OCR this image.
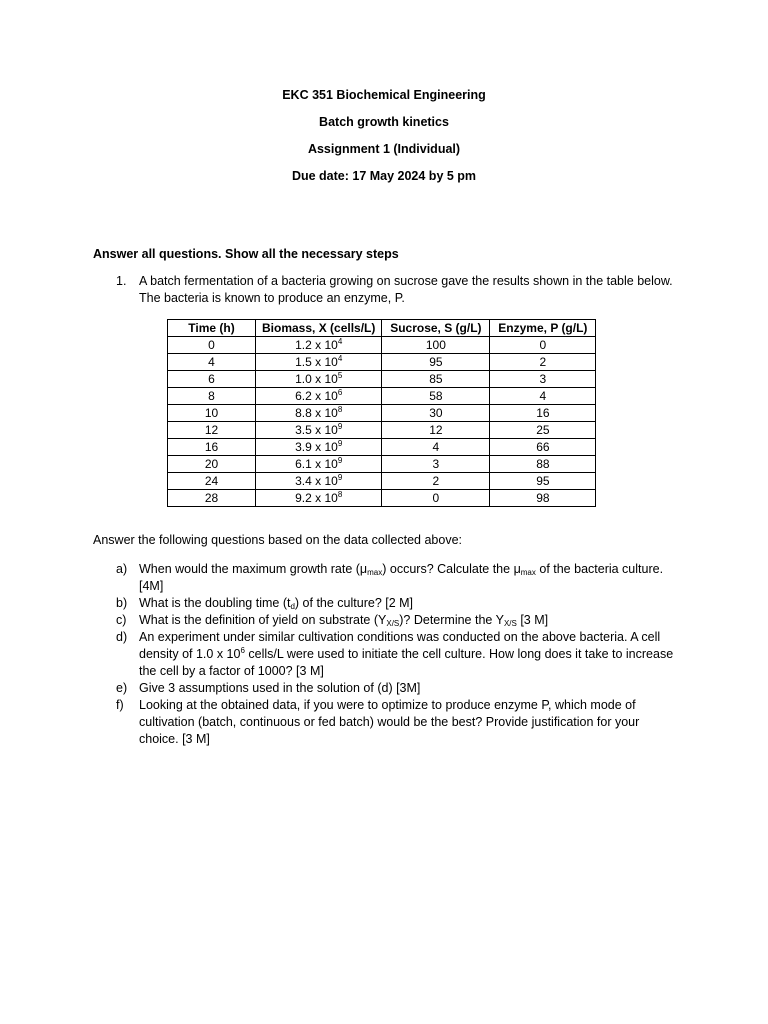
EKC 351 Biochemical Engineering
Batch growth kinetics
Assignment 1 (Individual)
Due date: 17 May 2024 by 5 pm
Answer all questions. Show all the necessary steps
1. A batch fermentation of a bacteria growing on sucrose gave the results shown in the table below. The bacteria is known to produce an enzyme, P.
Time (h)	Biomass, X (cells/L)	Sucrose, S (g/L)	Enzyme, P (g/L)
0	1.2 x $10^4$	100	0
4	1.5 x $10^4$	95	2
6	1.0 x $10^5$	85	3
8	6.2 x $10^6$	58	4
10	8.8 x $10^8$	30	16
12	3.5 x $10^9$	12	25
16	3.9 x $10^9$	4	66
20	6.1 x $10^9$	3	88
24	3.4 x $10^9$	2	95
28	9.2 x $10^8$	0	98
Answer the following questions based on the data collected above:
a) When would the maximum growth rate $(\mu_{max})$ occurs? Calculate the $\mu_{max}$ of the bacteria culture. [4M]
b) What is the doubling time $(t_d)$ of the culture? [2 M]
c) What is the definition of yield on substrate $(Y_{X/S})$? Determine the $Y_{X/S}$ [3 M]
d) An experiment under similar cultivation conditions was conducted on the above bacteria. A cell density of 1.0 x $10^6$ cells/L were used to initiate the cell culture. How long does it take to increase the cell by a factor of 1000? [3 M]
e) Give 3 assumptions used in the solution of (d) [3M]
f) Looking at the obtained data, if you were to optimize to produce enzyme P, which mode of cultivation (batch, continuous or fed batch) would be the best? Provide justification for your choice. [3 M]
